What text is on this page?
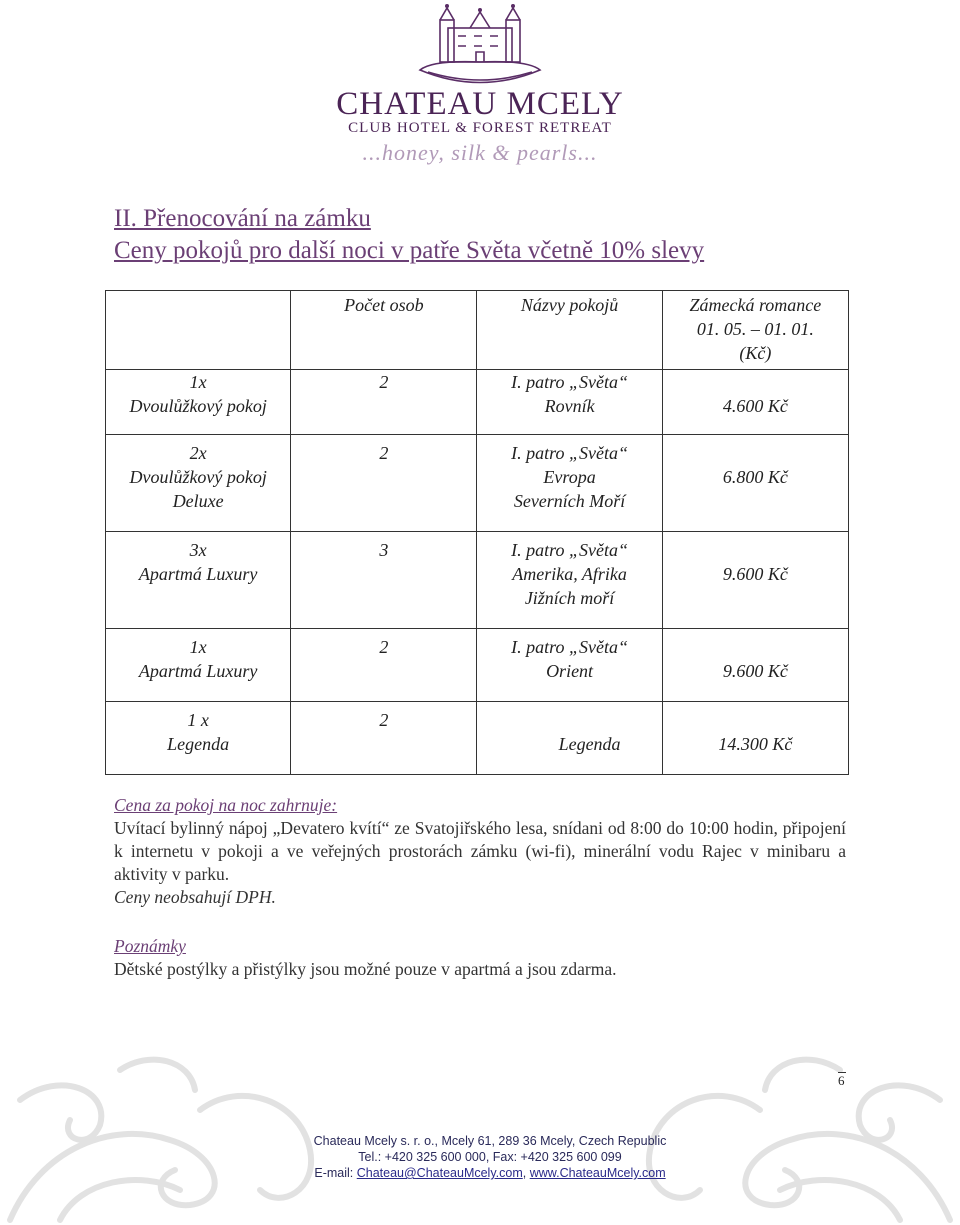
CHATEAU MCELY
CLUB HOTEL & FOREST RETREAT
...honey, silk & pearls...
II. Přenocování na zámku
Ceny pokojů pro další noci v patře Světa včetně 10% slevy

	Počet osob	Názvy pokojů	Zámecká romance
01. 05. – 01. 01.
(Kč)

1x
Dvoulůžkový pokoj	2	I. patro „Světa“
Rovník	4.600 Kč

2x
Dvoulůžkový pokoj
Deluxe	2	I. patro „Světa“
Evropa
Severních Moří	6.800 Kč

3x
Apartmá Luxury	3	I. patro „Světa“
Amerika, Afrika
Jižních moří	9.600 Kč

1x
Apartmá Luxury	2	I. patro „Světa“
Orient	9.600 Kč

1 x
Legenda	2	Legenda	14.300 Kč
Cena za pokoj na noc zahrnuje:
Uvítací bylinný nápoj „Devatero kvítí“ ze Svatojiřského lesa, snídani od 8:00 do 10:00 hodin, připojení k internetu v pokoji a ve veřejných prostorách zámku (wi-fi), minerální vodu Rajec v minibaru a aktivity v parku.
Ceny neobsahují DPH.
Poznámky
Dětské postýlky a přistýlky jsou možné pouze v apartmá a jsou zdarma.
6
Chateau Mcely s. r. o., Mcely 61, 289 36 Mcely, Czech Republic
Tel.: +420 325 600 000, Fax: +420 325 600 099
E-mail: Chateau@ChateauMcely.com, www.ChateauMcely.com
